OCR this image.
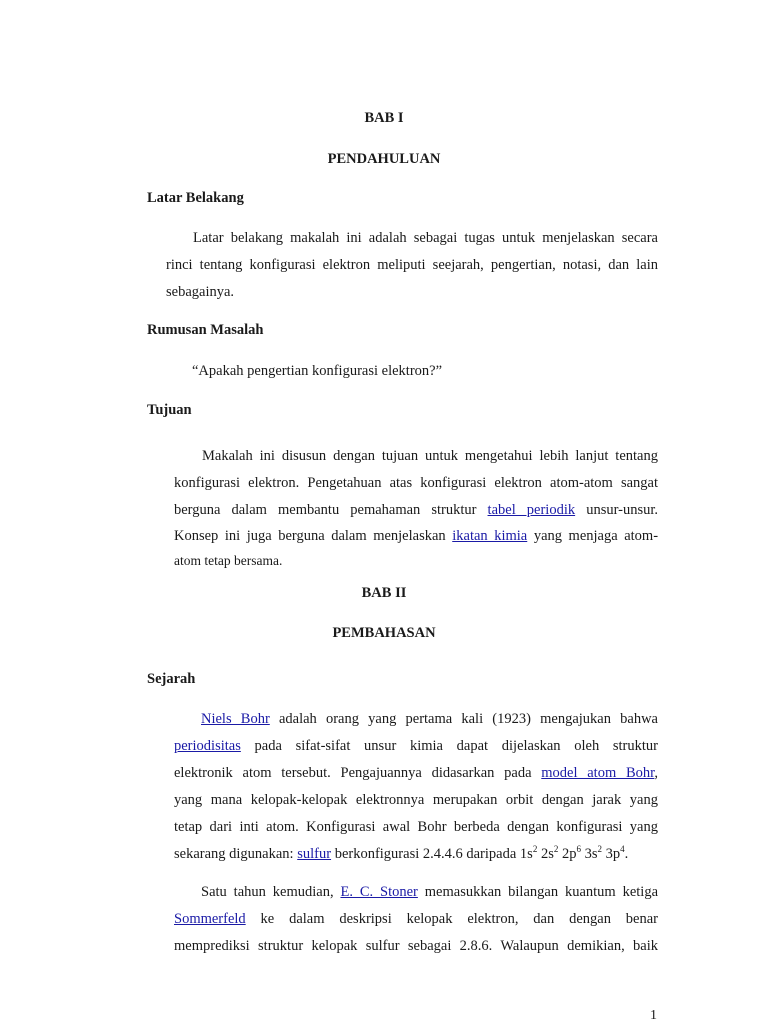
BAB I
PENDAHULUAN
Latar Belakang
Latar belakang makalah ini adalah sebagai tugas untuk menjelaskan secara
rinci tentang konfigurasi elektron meliputi seejarah, pengertian, notasi, dan lain
sebagainya.
Rumusan Masalah
“Apakah pengertian konfigurasi elektron?”
Tujuan
Makalah ini disusun dengan tujuan untuk mengetahui lebih lanjut tentang
konfigurasi elektron. Pengetahuan atas konfigurasi elektron atom-atom sangat
berguna dalam membantu pemahaman struktur tabel periodik unsur-unsur.
Konsep ini juga berguna dalam menjelaskan ikatan kimia yang menjaga atom-
atom tetap bersama.
BAB II
PEMBAHASAN
Sejarah
Niels Bohr adalah orang yang pertama kali (1923) mengajukan bahwa
periodisitas pada sifat-sifat unsur kimia dapat dijelaskan oleh struktur
elektronik atom tersebut. Pengajuannya didasarkan pada model atom Bohr,
yang mana kelopak-kelopak elektronnya merupakan orbit dengan jarak yang
tetap dari inti atom. Konfigurasi awal Bohr berbeda dengan konfigurasi yang
sekarang digunakan: sulfur berkonfigurasi 2.4.4.6 daripada $1s^2$ $2s^2$ $2p^6$ $3s^2$ $3p^4$.
Satu tahun kemudian, E. C. Stoner memasukkan bilangan kuantum ketiga
Sommerfeld ke dalam deskripsi kelopak elektron, dan dengan benar
memprediksi struktur kelopak sulfur sebagai 2.8.6. Walaupun demikian, baik
1
